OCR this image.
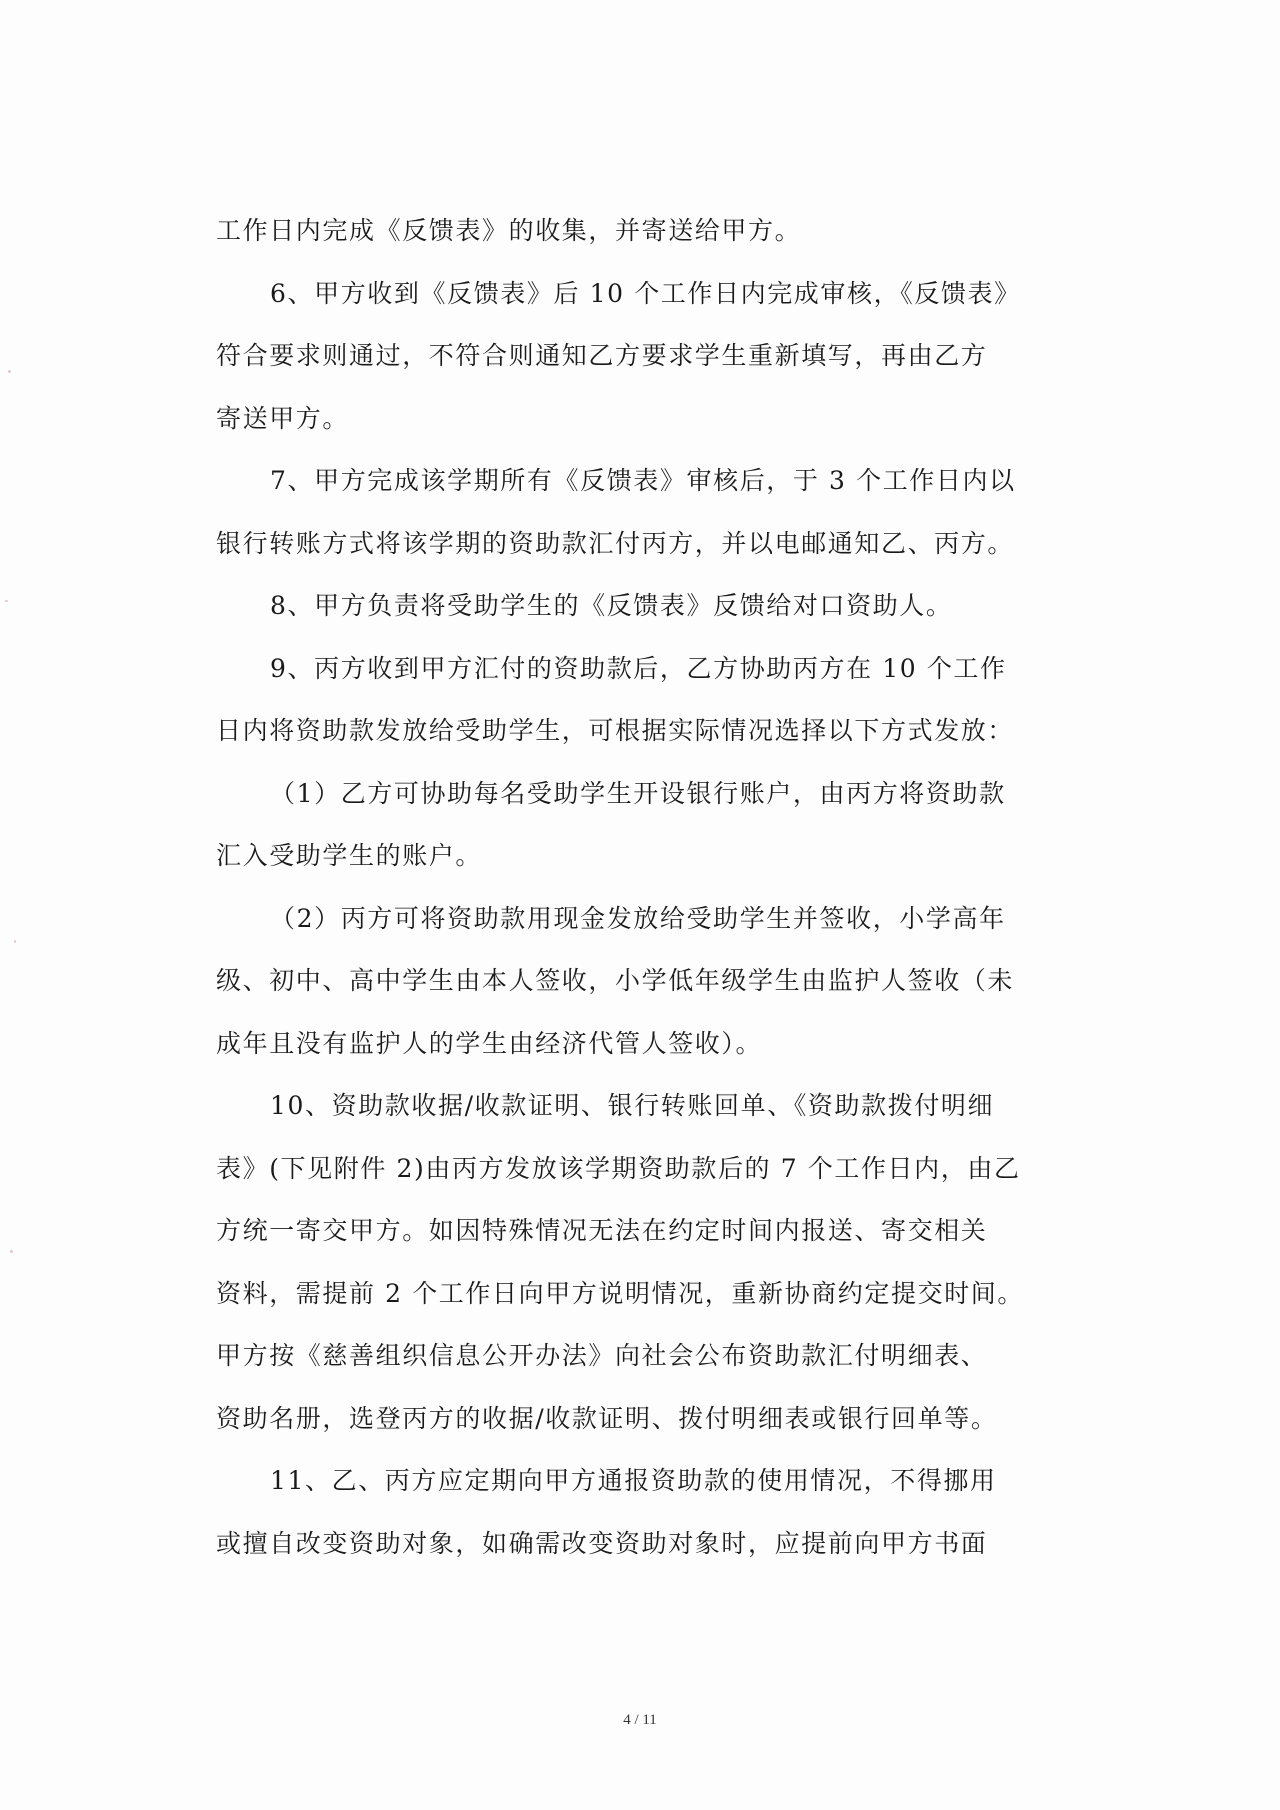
工作日内完成《反馈表》的收集，并寄送给甲方。

6、甲方收到《反馈表》后 10 个工作日内完成审核，《反馈表》

符合要求则通过，不符合则通知乙方要求学生重新填写，再由乙方

寄送甲方。

7、甲方完成该学期所有《反馈表》审核后，于 3 个工作日内以

银行转账方式将该学期的资助款汇付丙方，并以电邮通知乙、丙方。

8、甲方负责将受助学生的《反馈表》反馈给对口资助人。

9、丙方收到甲方汇付的资助款后，乙方协助丙方在 10 个工作

日内将资助款发放给受助学生，可根据实际情况选择以下方式发放：

（1）乙方可协助每名受助学生开设银行账户，由丙方将资助款

汇入受助学生的账户。

（2）丙方可将资助款用现金发放给受助学生并签收，小学高年

级、初中、高中学生由本人签收，小学低年级学生由监护人签收（未

成年且没有监护人的学生由经济代管人签收）。

10、资助款收据/收款证明、银行转账回单、《资助款拨付明细

表》(下见附件 2)由丙方发放该学期资助款后的 7 个工作日内，由乙

方统一寄交甲方。如因特殊情况无法在约定时间内报送、寄交相关

资料，需提前 2 个工作日向甲方说明情况，重新协商约定提交时间。

甲方按《慈善组织信息公开办法》向社会公布资助款汇付明细表、

资助名册，选登丙方的收据/收款证明、拨付明细表或银行回单等。

11、乙、丙方应定期向甲方通报资助款的使用情况，不得挪用

或擅自改变资助对象，如确需改变资助对象时，应提前向甲方书面

4 / 11
